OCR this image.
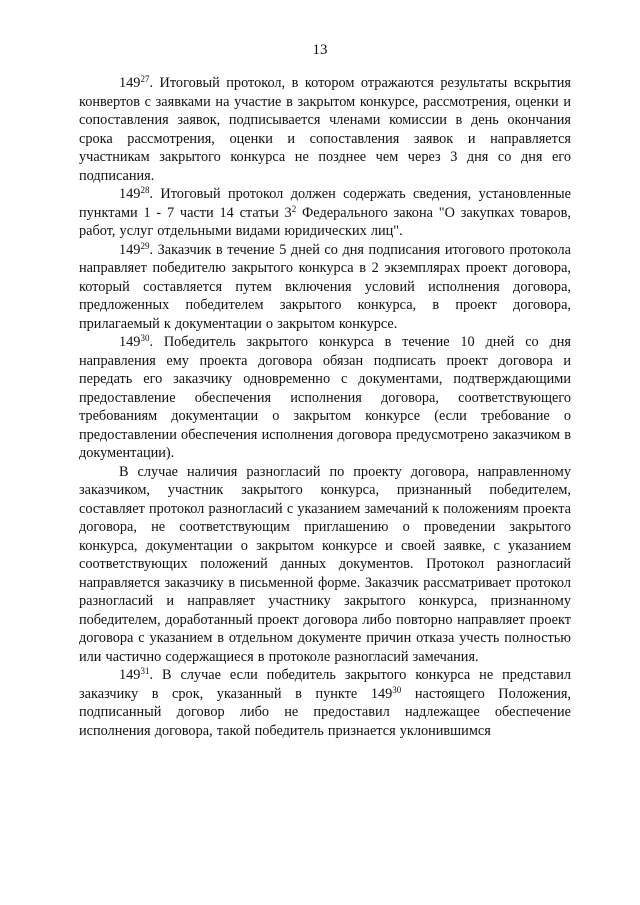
13

$149^{27}$. Итоговый протокол, в котором отражаются результаты вскрытия конвертов с заявками на участие в закрытом конкурсе, рассмотрения, оценки и сопоставления заявок, подписывается членами комиссии в день окончания срока рассмотрения, оценки и сопоставления заявок и направляется участникам закрытого конкурса не позднее чем через 3 дня со дня его подписания.

$149^{28}$. Итоговый протокол должен содержать сведения, установленные пунктами 1 - 7 части 14 статьи $3^2$ Федерального закона "О закупках товаров, работ, услуг отдельными видами юридических лиц".

$149^{29}$. Заказчик в течение 5 дней со дня подписания итогового протокола направляет победителю закрытого конкурса в 2 экземплярах проект договора, который составляется путем включения условий исполнения договора, предложенных победителем закрытого конкурса, в проект договора, прилагаемый к документации о закрытом конкурсе.

$149^{30}$. Победитель закрытого конкурса в течение 10 дней со дня направления ему проекта договора обязан подписать проект договора и передать его заказчику одновременно с документами, подтверждающими предоставление обеспечения исполнения договора, соответствующего требованиям документации о закрытом конкурсе (если требование о предоставлении обеспечения исполнения договора предусмотрено заказчиком в документации).

В случае наличия разногласий по проекту договора, направленному заказчиком, участник закрытого конкурса, признанный победителем, составляет протокол разногласий с указанием замечаний к положениям проекта договора, не соответствующим приглашению о проведении закрытого конкурса, документации о закрытом конкурсе и своей заявке, с указанием соответствующих положений данных документов. Протокол разногласий направляется заказчику в письменной форме. Заказчик рассматривает протокол разногласий и направляет участнику закрытого конкурса, признанному победителем, доработанный проект договора либо повторно направляет проект договора с указанием в отдельном документе причин отказа учесть полностью или частично содержащиеся в протоколе разногласий замечания.

$149^{31}$. В случае если победитель закрытого конкурса не представил заказчику в срок, указанный в пункте $149^{30}$ настоящего Положения, подписанный договор либо не предоставил надлежащее обеспечение исполнения договора, такой победитель признается уклонившимся
